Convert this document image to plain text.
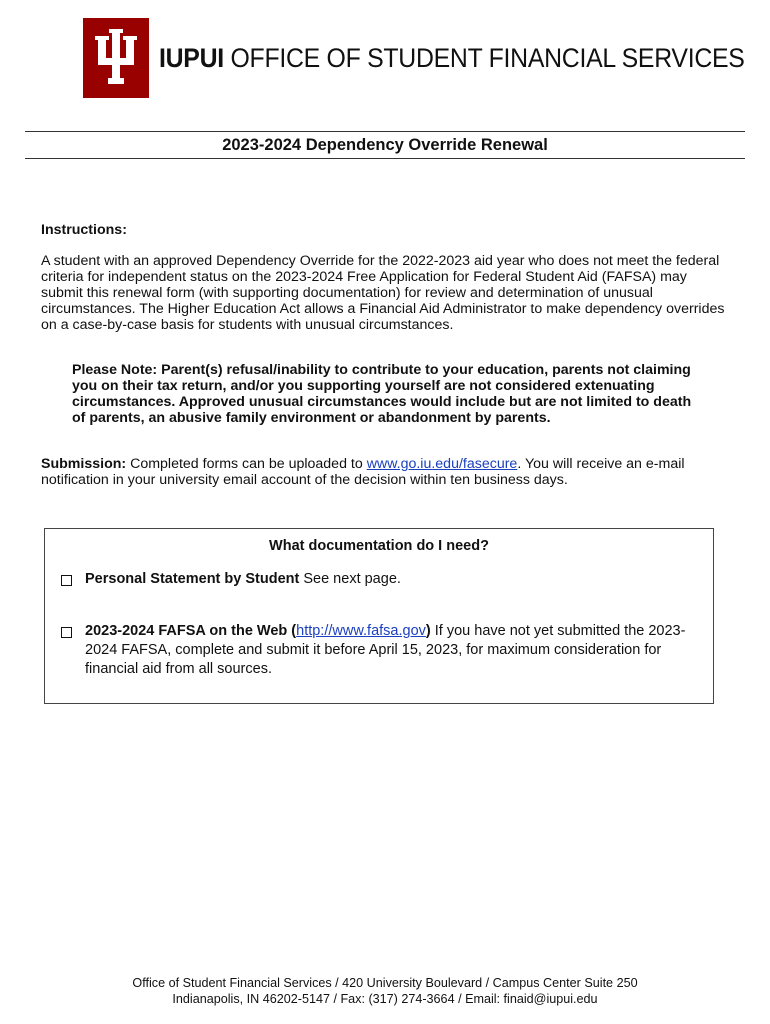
IUPUI OFFICE OF STUDENT FINANCIAL SERVICES
2023-2024 Dependency Override Renewal
Instructions:
A student with an approved Dependency Override for the 2022-2023 aid year who does not meet the federal criteria for independent status on the 2023-2024 Free Application for Federal Student Aid (FAFSA) may submit this renewal form (with supporting documentation) for review and determination of unusual circumstances. The Higher Education Act allows a Financial Aid Administrator to make dependency overrides on a case-by-case basis for students with unusual circumstances.
Please Note: Parent(s) refusal/inability to contribute to your education, parents not claiming you on their tax return, and/or you supporting yourself are not considered extenuating circumstances. Approved unusual circumstances would include but are not limited to death of parents, an abusive family environment or abandonment by parents.
Submission: Completed forms can be uploaded to www.go.iu.edu/fasecure. You will receive an e-mail notification in your university email account of the decision within ten business days.
What documentation do I need?
Personal Statement by Student See next page.
2023-2024 FAFSA on the Web (http://www.fafsa.gov) If you have not yet submitted the 2023-2024 FAFSA, complete and submit it before April 15, 2023, for maximum consideration for financial aid from all sources.
Office of Student Financial Services / 420 University Boulevard / Campus Center Suite 250
Indianapolis, IN 46202-5147 / Fax: (317) 274-3664 / Email: finaid@iupui.edu
